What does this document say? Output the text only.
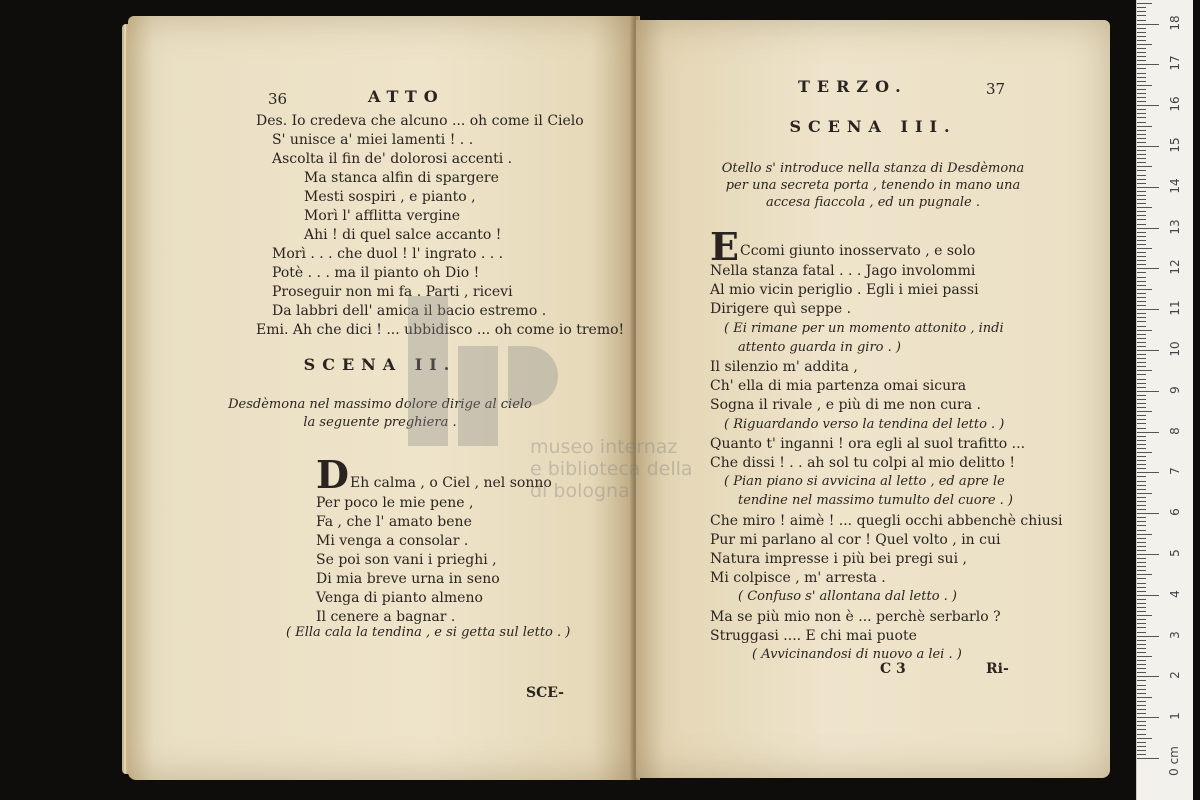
36	ATTO
Des. Io credeva che alcuno ... oh come il Cielo
S' unisce a' miei lamenti ! . .
Ascolta il fin de' dolorosi accenti .
Ma stanca alfin di spargere
Mesti sospiri , e pianto ,
Morì l' afflitta vergine
Ahi ! di quel salce accanto !
Morì . . . che duol ! l' ingrato . . .
Potè . . . ma il pianto oh Dio !
Proseguir non mi fa . Parti , ricevi
Da labbri dell' amica il bacio estremo .
Emi. Ah che dici ! ... ubbidisco ... oh come io tremo!
SCENA II.
Desdèmona nel massimo dolore dirige al cielo
la seguente preghiera .
D Eh calma , o Ciel , nel sonno
Per poco le mie pene ,
Fa , che l' amato bene
Mi venga a consolar .
Se poi son vani i prieghi ,
Di mia breve urna in seno
Venga di pianto almeno
Il cenere a bagnar .
( Ella cala la tendina , e si getta sul letto . )
SCE-
TERZO.	37
SCENA III.
Otello s' introduce nella stanza di Desdèmona
per una secreta porta , tenendo in mano una
accesa fiaccola , ed un pugnale .
E Ccomi giunto inosservato , e solo
Nella stanza fatal . . . Jago involommi
Al mio vicin periglio . Egli i miei passi
Dirigere quì seppe .
( Ei rimane per un momento attonito , indi
attento guarda in giro . )
Il silenzio m' addita ,
Ch' ella di mia partenza omai sicura
Sogna il rivale , e più di me non cura .
( Riguardando verso la tendina del letto . )
Quanto t' inganni ! ora egli al suol trafitto ...
Che dissi ! . . ah sol tu colpi al mio delitto !
( Pian piano si avvicina al letto , ed apre le
tendine nel massimo tumulto del cuore . )
Che miro ! aimè ! ... quegli occhi abbenchè chiusi
Pur mi parlano al cor ! Quel volto , in cui
Natura impresse i più bei pregi sui ,
Mi colpisce , m' arresta .
( Confuso s' allontana dal letto . )
Ma se più mio non è ... perchè serbarlo ?
Struggasi .... E chi mai puote
( Avvicinandosi di nuovo a lei . )
C 3	Ri-
museo internaz
e biblioteca della
di bologna
1
2
3
4
5
6
7
8
9
10
11
12
13
14
15
16
17
18
0 cm
